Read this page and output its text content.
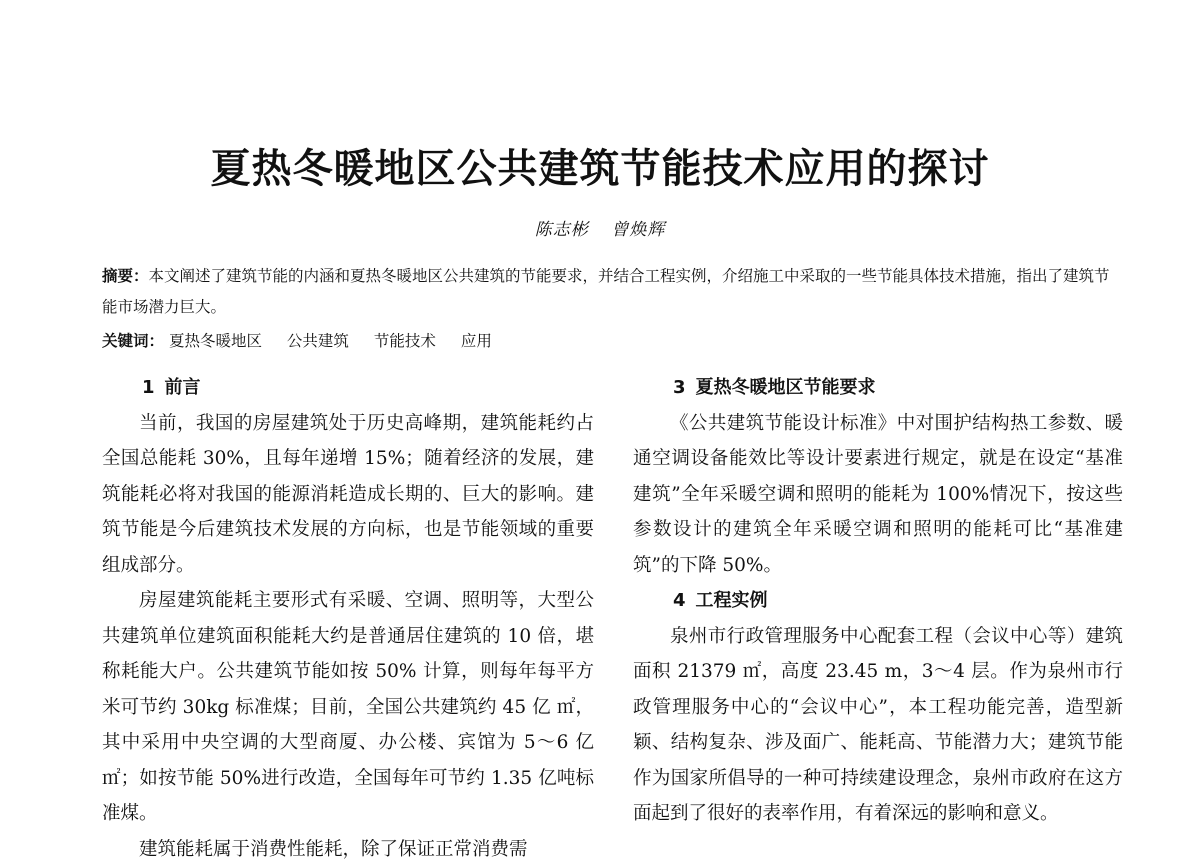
夏热冬暖地区公共建筑节能技术应用的探讨
陈志彬 曾焕辉
摘要：本文阐述了建筑节能的内涵和夏热冬暖地区公共建筑的节能要求，并结合工程实例，介绍施工中采取的一些节能具体技术措施，指出了建筑节能市场潜力巨大。
关键词： 夏热冬暖地区 公共建筑 节能技术 应用
1 前言

当前，我国的房屋建筑处于历史高峰期，建筑能耗约占全国总能耗 30%，且每年递增 15%；随着经济的发展，建筑能耗必将对我国的能源消耗造成长期的、巨大的影响。建筑节能是今后建筑技术发展的方向标，也是节能领域的重要组成部分。

房屋建筑能耗主要形式有采暖、空调、照明等，大型公共建筑单位建筑面积能耗大约是普通居住建筑的 10 倍，堪称耗能大户。公共建筑节能如按 50% 计算，则每年每平方米可节约 30kg 标准煤；目前，全国公共建筑约 45 亿 ㎡，其中采用中央空调的大型商厦、办公楼、宾馆为 5～6 亿 ㎡；如按节能 50%进行改造，全国每年可节约 1.35 亿吨标准煤。

建筑能耗属于消费性能耗，除了保证正常消费需

3 夏热冬暖地区节能要求

《公共建筑节能设计标准》中对围护结构热工参数、暖通空调设备能效比等设计要素进行规定，就是在设定“基准建筑”全年采暖空调和照明的能耗为 100%情况下，按这些参数设计的建筑全年采暖空调和照明的能耗可比“基准建筑”的下降 50%。

4 工程实例

泉州市行政管理服务中心配套工程（会议中心等）建筑面积 21379 ㎡，高度 23.45 m，3～4 层。作为泉州市行政管理服务中心的“会议中心”，本工程功能完善，造型新颖、结构复杂、涉及面广、能耗高、节能潜力大；建筑节能作为国家所倡导的一种可持续建设理念，泉州市政府在这方面起到了很好的表率作用，有着深远的影响和意义。
